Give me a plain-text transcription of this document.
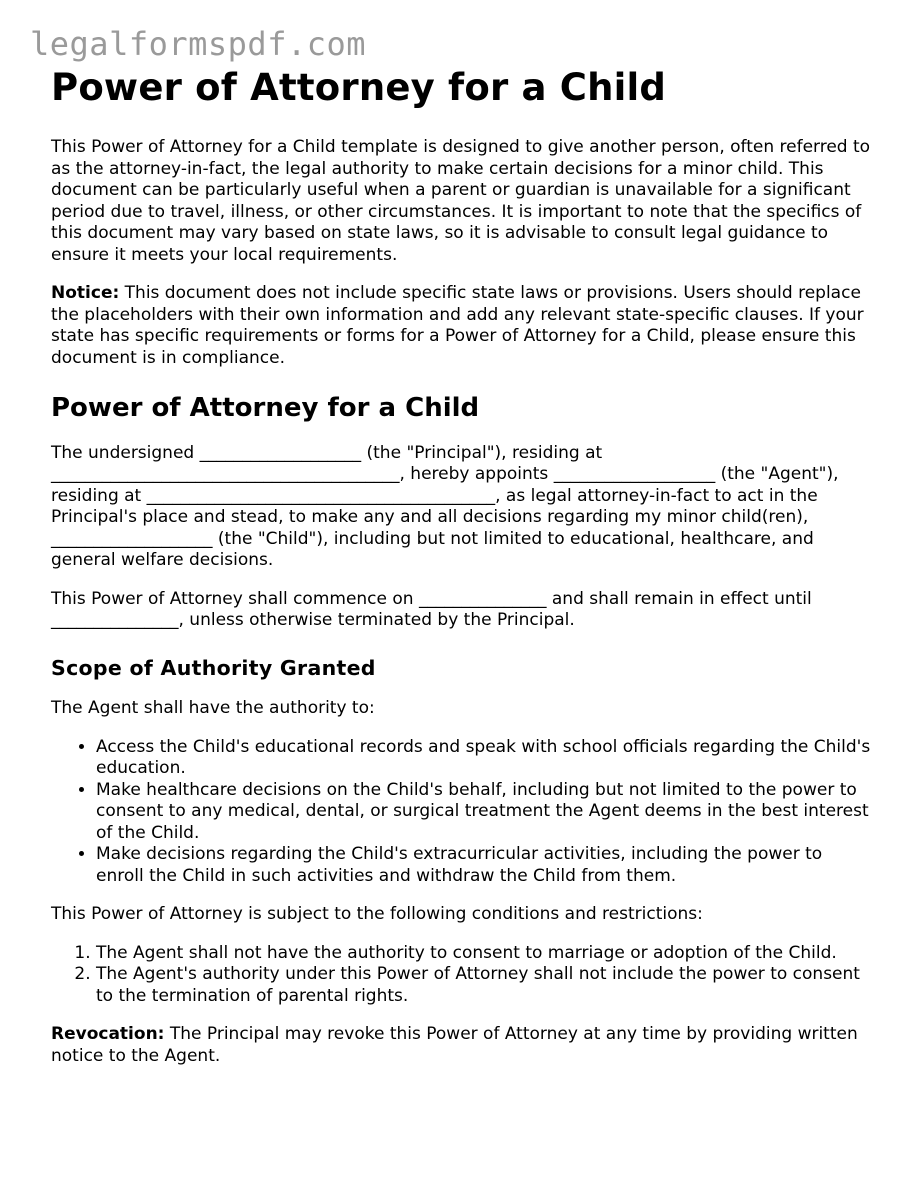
legalformspdf.com
Power of Attorney for a Child

This Power of Attorney for a Child template is designed to give another person, often referred to as the attorney-in-fact, the legal authority to make certain decisions for a minor child. This document can be particularly useful when a parent or guardian is unavailable for a significant period due to travel, illness, or other circumstances. It is important to note that the specifics of this document may vary based on state laws, so it is advisable to consult legal guidance to ensure it meets your local requirements.

Notice: This document does not include specific state laws or provisions. Users should replace the placeholders with their own information and add any relevant state-specific clauses. If your state has specific requirements or forms for a Power of Attorney for a Child, please ensure this document is in compliance.

Power of Attorney for a Child

The undersigned ___________________ (the "Principal"), residing at _________________________________________, hereby appoints ___________________ (the "Agent"), residing at _________________________________________, as legal attorney-in-fact to act in the Principal's place and stead, to make any and all decisions regarding my minor child(ren), ___________________ (the "Child"), including but not limited to educational, healthcare, and general welfare decisions.

This Power of Attorney shall commence on _______________ and shall remain in effect until _______________, unless otherwise terminated by the Principal.

Scope of Authority Granted

The Agent shall have the authority to:

• Access the Child's educational records and speak with school officials regarding the Child's education.
• Make healthcare decisions on the Child's behalf, including but not limited to the power to consent to any medical, dental, or surgical treatment the Agent deems in the best interest of the Child.
• Make decisions regarding the Child's extracurricular activities, including the power to enroll the Child in such activities and withdraw the Child from them.

This Power of Attorney is subject to the following conditions and restrictions:

1. The Agent shall not have the authority to consent to marriage or adoption of the Child.
2. The Agent's authority under this Power of Attorney shall not include the power to consent to the termination of parental rights.

Revocation: The Principal may revoke this Power of Attorney at any time by providing written notice to the Agent.
